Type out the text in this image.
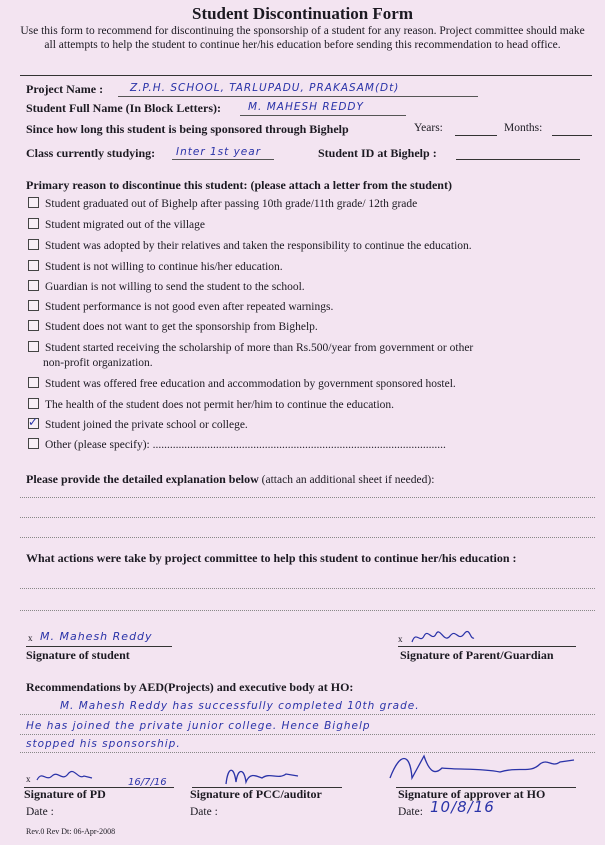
Student Discontinuation Form
Use this form to recommend for discontinuing the sponsorship of a student for any reason. Project committee should make all attempts to help the student to continue her/his education before sending this recommendation to head office.
Project Name :	Z.P.H. SCHOOL, TARLUPADU, PRAKASAM(Dt)
Student Full Name (In Block Letters):	M. MAHESH REDDY
Since how long this student is being sponsored through Bighelp	Years:	Months:
Class currently studying: Inter 1st year	Student ID at Bighelp :
Primary reason to discontinue this student: (please attach a letter from the student)
Student graduated out of Bighelp after passing 10th grade/11th grade/ 12th grade
Student migrated out of the village
Student was adopted by their relatives and taken the responsibility to continue the education.
Student is not willing to continue his/her education.
Guardian is not willing to send the student to the school.
Student performance is not good even after repeated warnings.
Student does not want to get the sponsorship from Bighelp.
Student started receiving the scholarship of more than Rs.500/year from government or other
non-profit organization.
Student was offered free education and accommodation by government sponsored hostel.
The health of the student does not permit her/him to continue the education.
✓ Student joined the private school or college.
Other (please specify): ......................................................................................................
Please provide the detailed explanation below (attach an additional sheet if needed):
What actions were take by project committee to help this student to continue her/his education :
x M. Mahesh Reddy
Signature of student
x
Signature of Parent/Guardian
Recommendations by AED(Projects) and executive body at HO:
M. Mahesh Reddy has successfully completed 10th grade.
He has joined the private junior college. Hence Bighelp
stopped his sponsorship.
x	16/7/16
Signature of PD	Signature of PCC/auditor	Signature of approver at HO
Date :	Date :	Date: 10/8/16
Rev.0 Rev Dt: 06-Apr-2008
